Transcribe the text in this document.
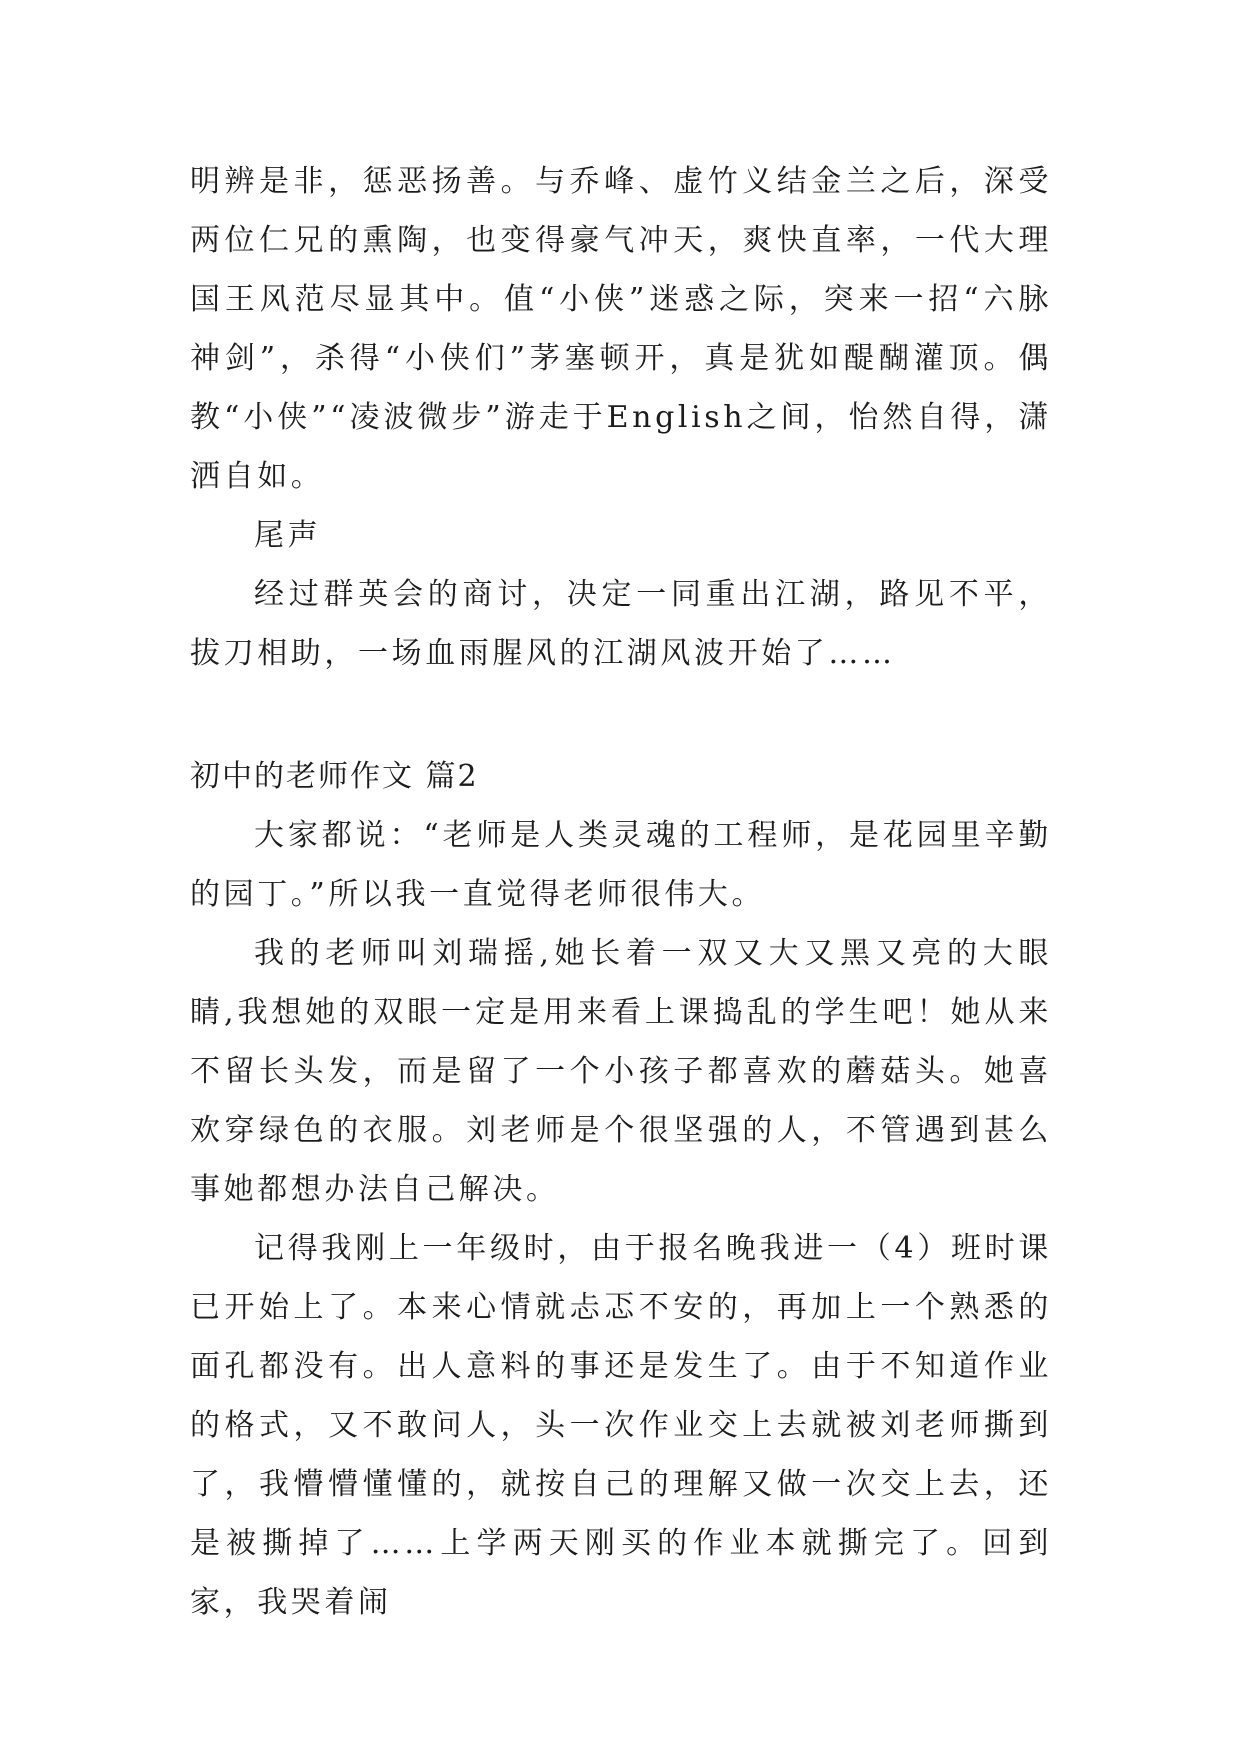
明辨是非，惩恶扬善。与乔峰、虚竹义结金兰之后，深受两位仁兄的熏陶，也变得豪气冲天，爽快直率，一代大理国王风范尽显其中。值“小侠”迷惑之际，突来一招“六脉神剑”，杀得“小侠们”茅塞顿开，真是犹如醍醐灌顶。偶教“小侠”“凌波微步”游走于English之间，怡然自得，潇洒自如。

尾声

经过群英会的商讨，决定一同重出江湖，路见不平，拔刀相助，一场血雨腥风的江湖风波开始了……

初中的老师作文 篇2

大家都说：“老师是人类灵魂的工程师，是花园里辛勤的园丁。”所以我一直觉得老师很伟大。

我的老师叫刘瑞摇,她长着一双又大又黑又亮的大眼睛,我想她的双眼一定是用来看上课捣乱的学生吧！她从来不留长头发，而是留了一个小孩子都喜欢的蘑菇头。她喜欢穿绿色的衣服。刘老师是个很坚强的人，不管遇到甚么事她都想办法自己解决。

记得我刚上一年级时，由于报名晚我进一（4）班时课已开始上了。本来心情就忐忑不安的，再加上一个熟悉的面孔都没有。出人意料的事还是发生了。由于不知道作业的格式，又不敢问人，头一次作业交上去就被刘老师撕到了，我懵懵懂懂的，就按自己的理解又做一次交上去，还是被撕掉了……上学两天刚买的作业本就撕完了。回到家，我哭着闹
